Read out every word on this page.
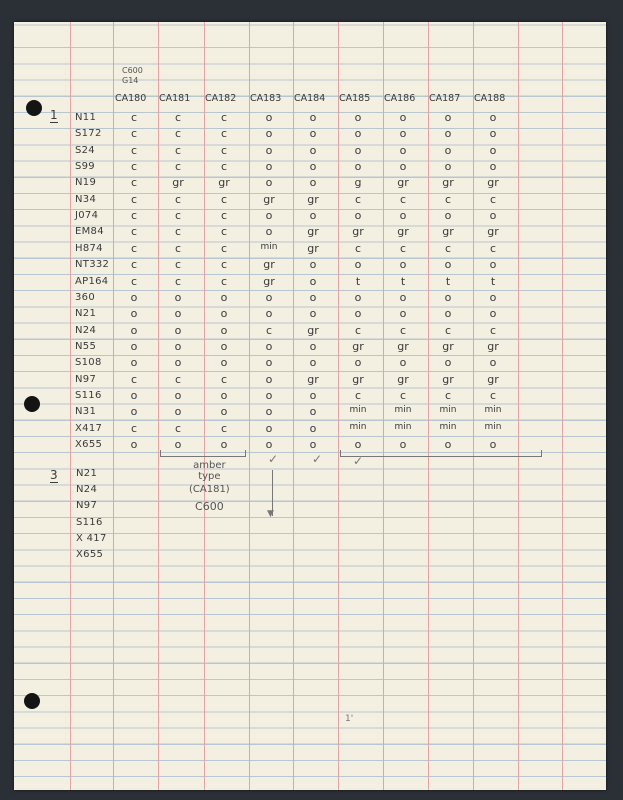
C600
G14
CA180 CA181 CA182 CA183 CA184 CA185 CA186 CA187 CA188
1 N11	c	c	c	o	o	o	o	o	o
S172	c	c	c	o	o	o	o	o	o
S24	c	c	c	o	o	o	o	o	o
S99	c	c	c	o	o	o	o	o	o
N19	c	gr	gr	o	o	g	gr	gr	gr
N34	c	c	c	gr	gr	c	c	c	c
J074	c	c	c	o	o	o	o	o	o
EM84	c	c	c	o	gr	gr	gr	gr	gr
H874	c	c	c	min	gr	c	c	c	c
NT332	c	c	c	gr	o	o	o	o	o
AP164	c	c	c	gr	o	t	t	t	t
360	o	o	o	o	o	o	o	o	o
N21	o	o	o	o	o	o	o	o	o
N24	o	o	o	c	gr	c	c	c	c
N55	o	o	o	o	o	gr	gr	gr	gr
S108	o	o	o	o	o	o	o	o	o
N97	c	c	c	o	gr	gr	gr	gr	gr
S116	o	o	o	o	o	c	c	c	c
N31	o	o	o	o	o	min	min	min	min
X417	c	c	c	o	o	min	min	min	min
X655	o	o	o	o	o	o	o	o	o
✓	✓	✓
amber
type
(CA181)
C600
▼
3 N21
N24
N97
S116
X 417
X655
1'
